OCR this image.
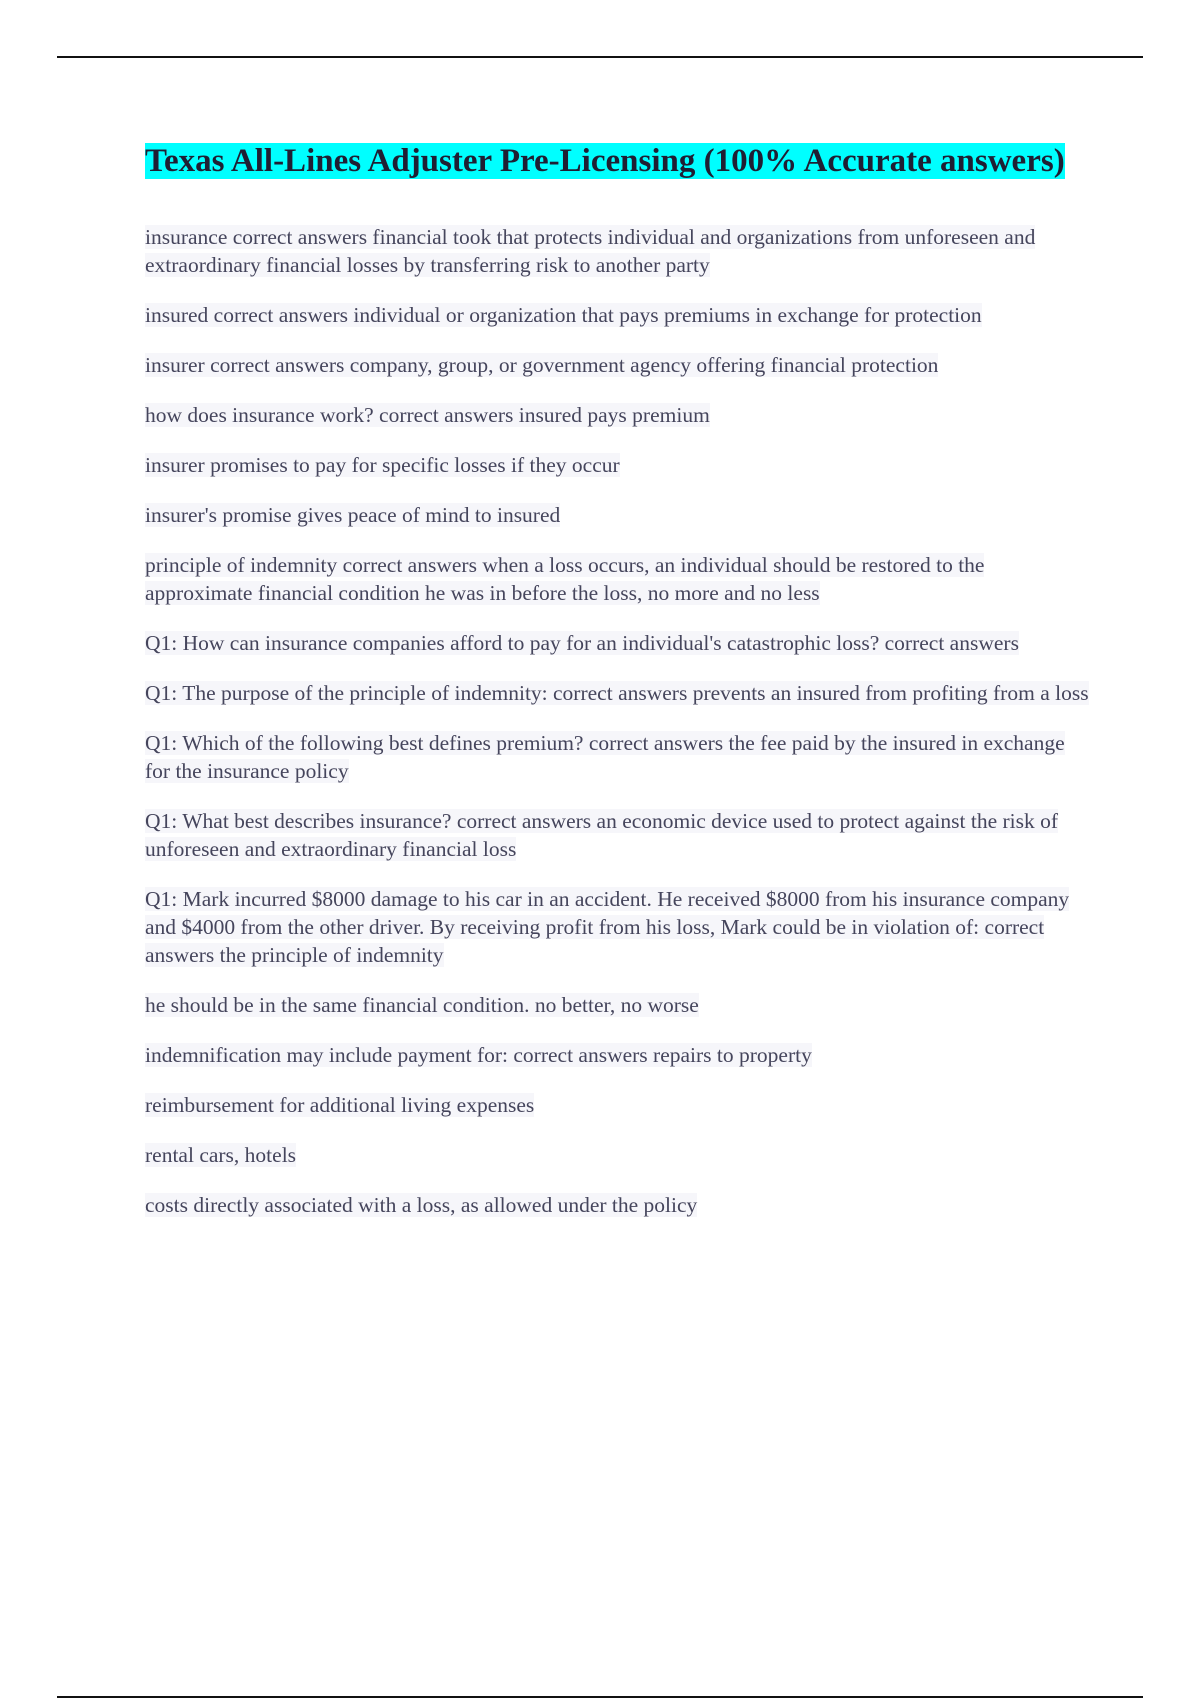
Texas All-Lines Adjuster Pre-Licensing (100% Accurate answers)

insurance correct answers financial took that protects individual and organizations from unforeseen and extraordinary financial losses by transferring risk to another party

insured correct answers individual or organization that pays premiums in exchange for protection

insurer correct answers company, group, or government agency offering financial protection

how does insurance work? correct answers insured pays premium

insurer promises to pay for specific losses if they occur

insurer's promise gives peace of mind to insured

principle of indemnity correct answers when a loss occurs, an individual should be restored to the approximate financial condition he was in before the loss, no more and no less

Q1: How can insurance companies afford to pay for an individual's catastrophic loss? correct answers

Q1: The purpose of the principle of indemnity: correct answers prevents an insured from profiting from a loss

Q1: Which of the following best defines premium? correct answers the fee paid by the insured in exchange for the insurance policy

Q1: What best describes insurance? correct answers an economic device used to protect against the risk of unforeseen and extraordinary financial loss

Q1: Mark incurred $8000 damage to his car in an accident. He received $8000 from his insurance company and $4000 from the other driver. By receiving profit from his loss, Mark could be in violation of: correct answers the principle of indemnity

he should be in the same financial condition. no better, no worse

indemnification may include payment for: correct answers repairs to property

reimbursement for additional living expenses

rental cars, hotels

costs directly associated with a loss, as allowed under the policy
